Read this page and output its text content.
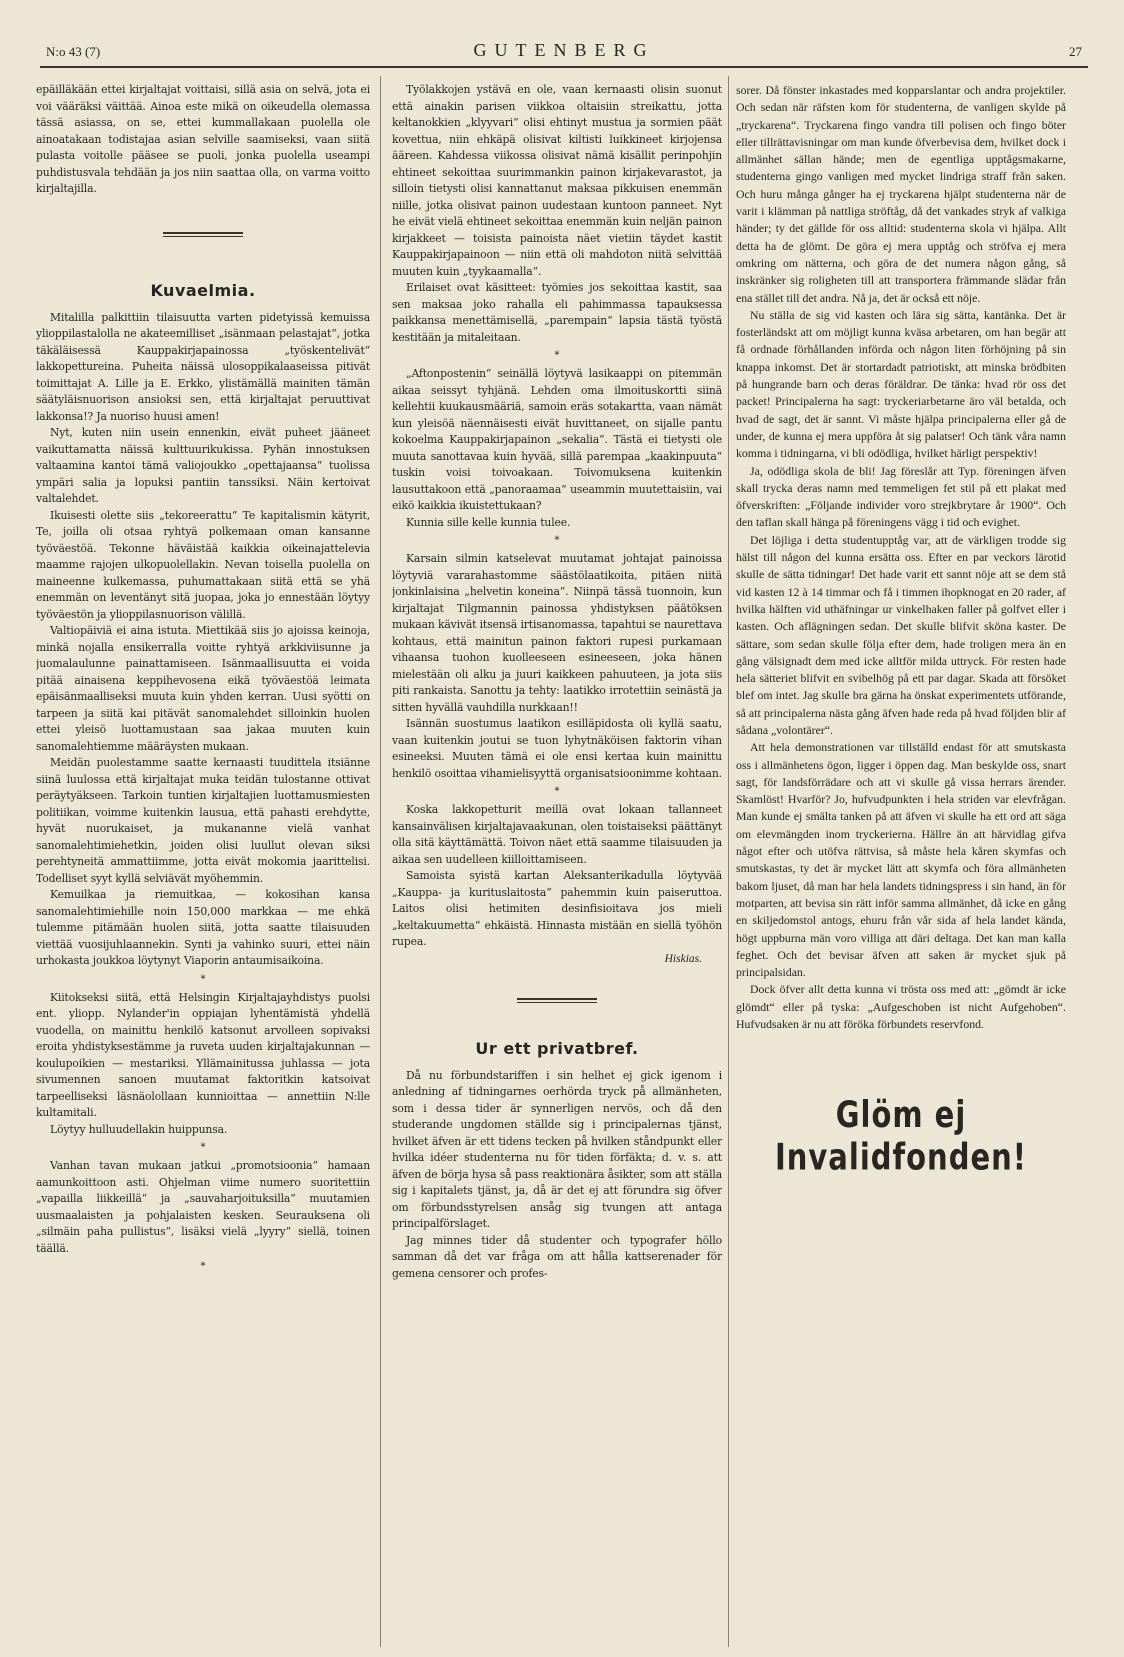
N:o 43 (7)	GUTENBERG	27

epäilläkään ettei kirjaltajat voittaisi, sillä asia on selvä, jota ei voi vääräksi väittää. Ainoa este mikä on oikeudella olemassa tässä asiassa, on se, ettei kummallakaan puolella ole ainoatakaan todistajaa asian selville saamiseksi, vaan siitä pulasta voitolle pääsee se puoli, jonka puolella useampi puhdistusvala tehdään ja jos niin saattaa olla, on varma voitto kirjaltajilla.

Kuvaelmia.

Mitalilla palkittiin tilaisuutta varten pidetyissä kemuissa ylioppilastalolla ne akateemilliset „isänmaan pelastajat“, jotka täkäläisessä Kauppakirjapainossa „työskentelivät“ lakkopettureina. Puheita näissä ulosoppikalaaseissa pitivät toimittajat A. Lille ja E. Erkko, ylistämällä mainiten tämän säätyläisnuorison ansioksi sen, että kirjaltajat peruuttivat lakkonsa!? Ja nuoriso huusi amen!

Nyt, kuten niin usein ennenkin, eivät puheet jääneet vaikuttamatta näissä kulttuurikukissa. Pyhän innostuksen valtaamina kantoi tämä valiojoukko „opettajaansa“ tuolissa ympäri salia ja lopuksi pantiin tanssiksi. Näin kertoivat valtalehdet.

Ikuisesti olette siis „tekoreerattu“ Te kapitalismin kätyrit, Te, joilla oli otsaa ryhtyä polkemaan oman kansanne työväestöä. Tekonne häväistää kaikkia oikeinajattelevia maamme rajojen ulkopuolellakin. Nevan toisella puolella on maineenne kulkemassa, puhumattakaan siitä että se yhä enemmän on leventänyt sitä juopaa, joka jo ennestään löytyy työväestön ja ylioppilasnuorison välillä.

Valtiopäiviä ei aina istuta. Miettikää siis jo ajoissa keinoja, minkä nojalla ensikerralla voitte ryhtyä arkkiviisunne ja juomalaulunne painattamiseen. Isänmaallisuutta ei voida pitää ainaisena keppihevosena eikä työväestöä leimata epäisänmaalliseksi muuta kuin yhden kerran. Uusi syötti on tarpeen ja siitä kai pitävät sanomalehdet silloinkin huolen ettei yleisö luottamustaan saa jakaa muuten kuin sanomalehtiemme määräysten mukaan.

Meidän puolestamme saatte kernaasti tuudittela itsiänne siinä luulossa että kirjaltajat muka teidän tulostanne ottivat peräytyäkseen. Tarkoin tuntien kirjaltajien luottamusmiesten politiikan, voimme kuitenkin lausua, että pahasti erehdytte, hyvät nuorukaiset, ja mukananne vielä vanhat sanomalehtimiehetkin, joiden olisi luullut olevan siksi perehtyneitä ammattiimme, jotta eivät mokomia jaarittelisi. Todelliset syyt kyllä selviävät myöhemmin.

Kemuilkaa ja riemuitkaa, — kokosihan kansa sanomalehtimiehille noin 150,000 markkaa — me ehkä tulemme pitämään huolen siitä, jotta saatte tilaisuuden viettää vuosijuhlaannekin. Synti ja vahinko suuri, ettei näin urhokasta joukkoa löytynyt Viaporin antaumisaikoina.

*

Kiitokseksi siitä, että Helsingin Kirjaltajayhdistys puolsi ent. yliopp. Nylander'in oppiajan lyhentämistä yhdellä vuodella, on mainittu henkilö katsonut arvolleen sopivaksi eroita yhdistyksestämme ja ruveta uuden kirjaltajakunnan — koulupoikien — mestariksi. Yllämainitussa juhlassa — jota sivumennen sanoen muutamat faktoritkin katsoivat tarpeelliseksi läsnäolollaan kunnioittaa — annettiin N:lle kultamitali.

Löytyy hulluudellakin huippunsa.

*

Vanhan tavan mukaan jatkui „promotsioonia“ hamaan aamunkoittoon asti. Ohjelman viime numero suoritettiin „vapailla liikkeillä“ ja „sauvaharjoituksilla“ muutamien uusmaalaisten ja pohjalaisten kesken. Seurauksena oli „silmäin paha pullistus“, lisäksi vielä „lyyry“ siellä, toinen täällä.

*

Työlakkojen ystävä en ole, vaan kernaasti olisin suonut että ainakin parisen viikkoa oltaisiin streikattu, jotta keltanokkien „klyyvari“ olisi ehtinyt mustua ja sormien päät kovettua, niin ehkäpä olisivat kiltisti luikkineet kirjojensa ääreen. Kahdessa viikossa olisivat nämä kisällit perinpohjin ehtineet sekoittaa suurimmankin painon kirjakevarastot, ja silloin tietysti olisi kannattanut maksaa pikkuisen enemmän niille, jotka olisivat painon uudestaan kuntoon panneet. Nyt he eivät vielä ehtineet sekoittaa enemmän kuin neljän painon kirjakkeet — toisista painoista näet vietiin täydet kastit Kauppakirjapainoon — niin että oli mahdoton niitä selvittää muuten kuin „tyykaamalla“.

Erilaiset ovat käsitteet: työmies jos sekoittaa kastit, saa sen maksaa joko rahalla eli pahimmassa tapauksessa paikkansa menettämisellä, „parempain“ lapsia tästä työstä kestitään ja mitaleitaan.

*

„Aftonpostenin“ seinällä löytyvä lasikaappi on pitemmän aikaa seissyt tyhjänä. Lehden oma ilmoituskortti siinä kellehtii kuukausmääriä, samoin eräs sotakartta, vaan nämät kun yleisöä näennäisesti eivät huvittaneet, on sijalle pantu kokoelma Kauppakirjapainon „sekalia“. Tästä ei tietysti ole muuta sanottavaa kuin hyvää, sillä parempaa „kaakinpuuta“ tuskin voisi toivoakaan. Toivomuksena kuitenkin lausuttakoon että „panoraamaa“ useammin muutettaisiin, vai eikö kaikkia ikuistettukaan?

Kunnia sille kelle kunnia tulee.

*

Karsain silmin katselevat muutamat johtajat painoissa löytyviä vararahastomme säästölaatikoita, pitäen niitä jonkinlaisina „helvetin koneina“. Niinpä tässä tuonnoin, kun kirjaltajat Tilgmannin painossa yhdistyksen päätöksen mukaan kävivät itsensä irtisanomassa, tapahtui se naurettava kohtaus, että mainitun painon faktori rupesi purkamaan vihaansa tuohon kuolleeseen esineeseen, joka hänen mielestään oli alku ja juuri kaikkeen pahuuteen, ja jota siis piti rankaista. Sanottu ja tehty: laatikko irrotettiin seinästä ja sitten hyvällä vauhdilla nurkkaan!!

Isännän suostumus laatikon esilläpidosta oli kyllä saatu, vaan kuitenkin joutui se tuon lyhytnäköisen faktorin vihan esineeksi. Muuten tämä ei ole ensi kertaa kuin mainittu henkilö osoittaa vihamielisyyttä organisatsioonimme kohtaan.

*

Koska lakkopetturit meillä ovat lokaan tallanneet kansainvälisen kirjaltajavaakunan, olen toistaiseksi päättänyt olla sitä käyttämättä. Toivon näet että saamme tilaisuuden ja aikaa sen uudelleen kiilloittamiseen.

Samoista syistä kartan Aleksanterikadulla löytyvää „Kauppa- ja kurituslaitosta“ pahemmin kuin paiseruttoa. Laitos olisi hetimiten desinfisioitava jos mieli „keltakuumetta“ ehkäistä. Hinnasta mistään en siellä työhön rupea.

Hiskias.
Ur ett privatbref.

Då nu förbundstariffen i sin helhet ej gick igenom i anledning af tidningarnes oerhörda tryck på allmänheten, som i dessa tider är synnerligen nervös, och då den studerande ungdomen ställde sig i principalernas tjänst, hvilket äfven är ett tidens tecken på hvilken ståndpunkt eller hvilka idéer studenterna nu för tiden förfäkta; d. v. s. att äfven de börja hysa så pass reaktionära åsikter, som att ställa sig i kapitalets tjänst, ja, då är det ej att förundra sig öfver om förbundsstyrelsen ansåg sig tvungen att antaga principalförslaget.

Jag minnes tider då studenter och typografer höllo samman då det var fråga om att hålla kattserenader för gemena censorer och profes-

sorer. Då fönster inkastades med kopparslantar och andra projektiler. Och sedan när räfsten kom för studenterna, de vanligen skylde på „tryckarena“. Tryckarena fingo vandra till polisen och fingo böter eller tillrättavisningar om man kunde öfverbevisa dem, hvilket dock i allmänhet sällan hände; men de egentliga upptågsmakarne, studenterna gingo vanligen med mycket lindriga straff från saken. Och huru många gånger ha ej tryckarena hjälpt studenterna när de varit i klämman på nattliga ströftåg, då det vankades stryk af valkiga händer; ty det gällde för oss alltid: studenterna skola vi hjälpa. Allt detta ha de glömt. De göra ej mera upptåg och ströfva ej mera omkring om nätterna, och göra de det numera någon gång, så inskränker sig roligheten till att transportera främmande slädar från ena stället till det andra. Nå ja, det är också ett nöje.

Nu ställa de sig vid kasten och lära sig sätta, kantänka. Det är fosterländskt att om möjligt kunna kväsa arbetaren, om han begär att få ordnade förhållanden införda och någon liten förhöjning på sin knappa inkomst. Det är stortardadt patriotiskt, att minska brödbiten på hungrande barn och deras föräldrar. De tänka: hvad rör oss det packet! Principalerna ha sagt: tryckeriarbetarne äro väl betalda, och hvad de sagt, det är sannt. Vi måste hjälpa principalerna eller gå de under, de kunna ej mera uppföra åt sig palatser! Och tänk våra namn komma i tidningarna, vi bli odödliga, hvilket härligt perspektiv!

Ja, odödliga skola de bli! Jag föreslår att Typ. föreningen äfven skall trycka deras namn med temmeligen fet stil på ett plakat med öfverskriften: „Följande individer voro strejkbrytare år 1900“. Och den taflan skall hänga på föreningens vägg i tid och evighet.

Det löjliga i detta studentupptåg var, att de värkligen trodde sig hälst till någon del kunna ersätta oss. Efter en par veckors lärotid skulle de sätta tidningar! Det hade varit ett sannt nöje att se dem stå vid kasten 12 à 14 timmar och få i timmen ihopknogat en 20 rader, af hvilka hälften vid uthäfningar ur vinkelhaken faller på golfvet eller i kasten. Och aflägningen sedan. Det skulle blifvit sköna kaster. De sättare, som sedan skulle följa efter dem, hade troligen mera än en gång välsignadt dem med icke alltför milda uttryck. För resten hade hela sätteriet blifvit en svibelhög på ett par dagar. Skada att försöket blef om intet. Jag skulle bra gärna ha önskat experimentets utförande, så att principalerna nästa gång äfven hade reda på hvad följden blir af sådana „volontärer“.

Att hela demonstrationen var tillställd endast för att smutskasta oss i allmänhetens ögon, ligger i öppen dag. Man beskylde oss, snart sagt, för landsförrädare och att vi skulle gå vissa herrars ärender. Skamlöst! Hvarför? Jo, hufvudpunkten i hela striden var elevfrågan. Man kunde ej smälta tanken på att äfven vi skulle ha ett ord att säga om elevmängden inom tryckerierna. Hällre än att härvidlag gifva något efter och utöfva rättvisa, så måste hela kåren skymfas och smutskastas, ty det är mycket lätt att skymfa och föra allmänheten bakom ljuset, då man har hela landets tidningspress i sin hand, än för motparten, att bevisa sin rätt inför samma allmänhet, då icke en gång en skiljedomstol antogs, ehuru från vår sida af hela landet kända, högt uppburna män voro villiga att däri deltaga. Det kan man kalla feghet. Och det bevisar äfven att saken är mycket sjuk på principalsidan.

Dock öfver allt detta kunna vi trösta oss med att: „gömdt är icke glömdt“ eller på tyska: „Aufgeschoben ist nicht Aufgehoben“. Hufvudsaken är nu att föröka förbundets reservfond.

Glöm ej Invalidfonden!
